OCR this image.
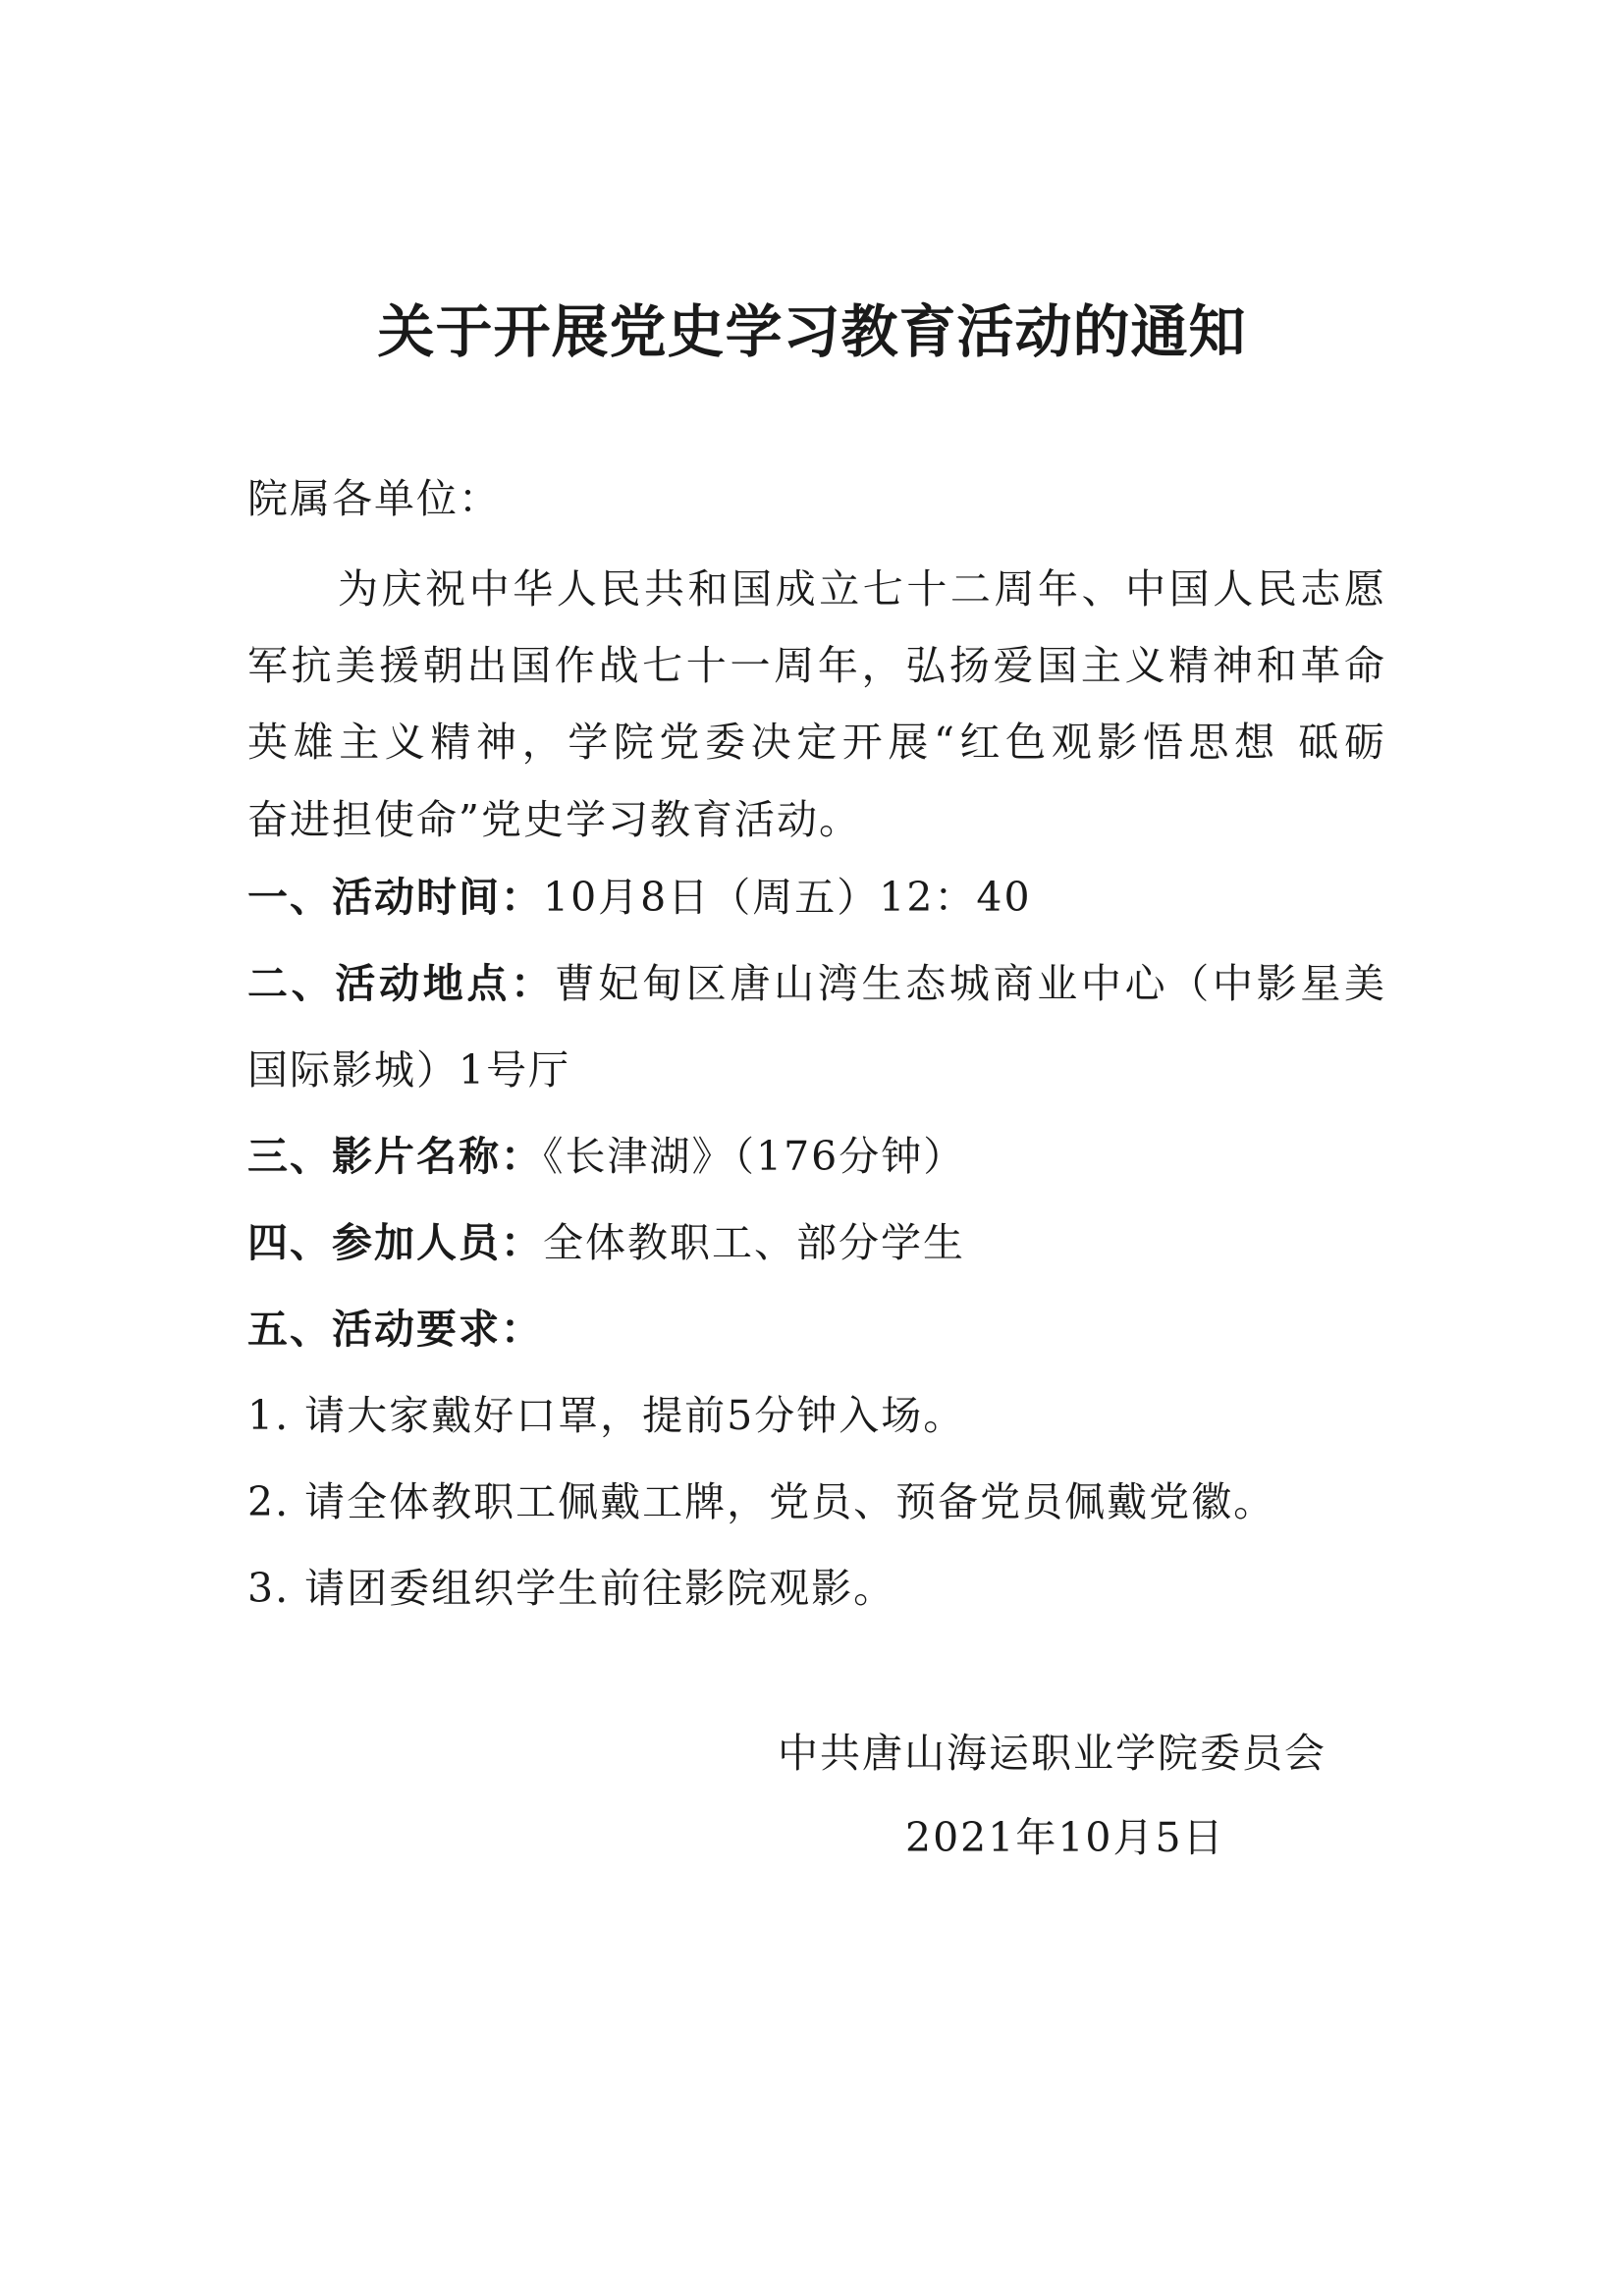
关于开展党史学习教育活动的通知

院属各单位：

为庆祝中华人民共和国成立七十二周年、中国人民志愿

军抗美援朝出国作战七十一周年，弘扬爱国主义精神和革命

英雄主义精神，学院党委决定开展“红色观影悟思想 砥砺

奋进担使命”党史学习教育活动。

一、活动时间：10月8日（周五）12：40

二、活动地点：曹妃甸区唐山湾生态城商业中心（中影星美

国际影城）1号厅

三、影片名称：《长津湖》（176分钟）

四、参加人员：全体教职工、部分学生

五、活动要求：

1. 请大家戴好口罩，提前5分钟入场。

2. 请全体教职工佩戴工牌，党员、预备党员佩戴党徽。

3. 请团委组织学生前往影院观影。

中共唐山海运职业学院委员会

2021年10月5日
